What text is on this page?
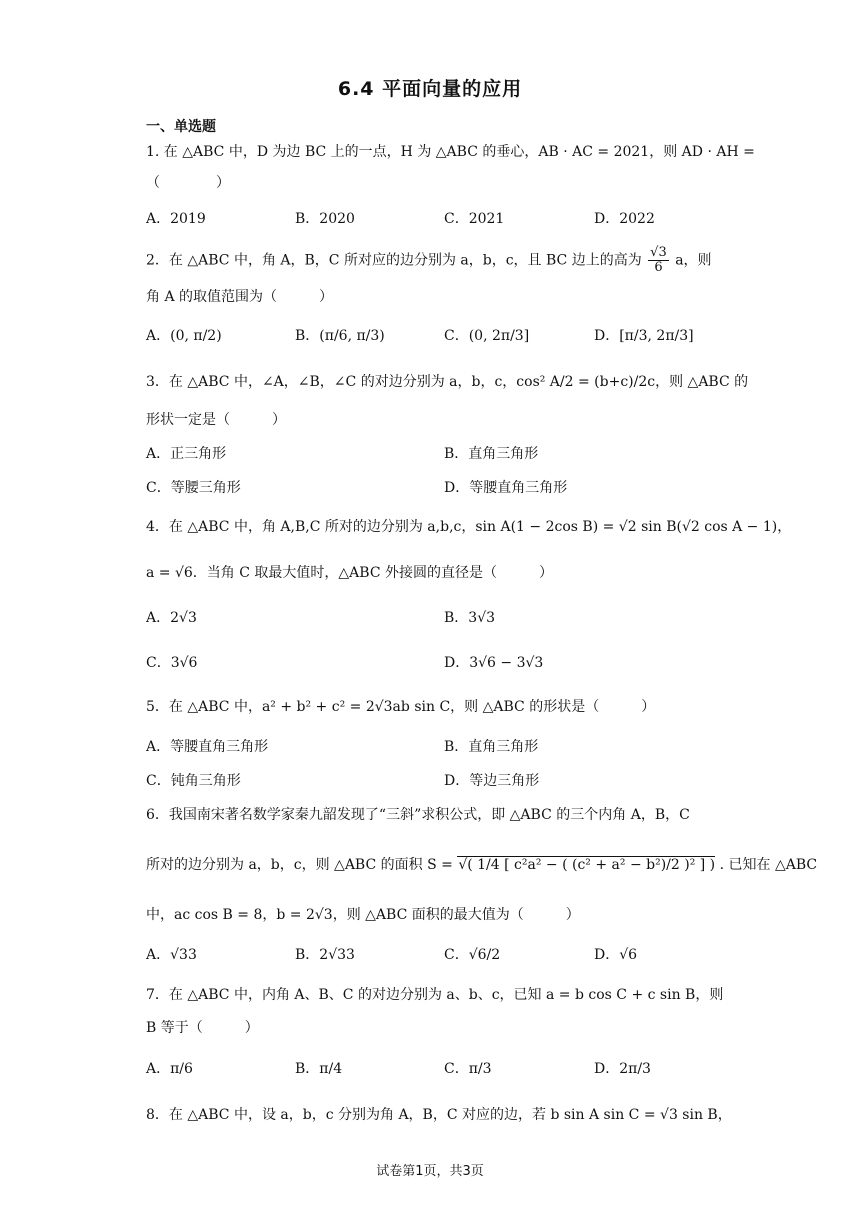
6.4 平面向量的应用
一、单选题
1. 在 △ABC 中，D 为边 BC 上的一点，H 为 △ABC 的垂心，AB · AC = 2021，则 AD · AH =
（　　　　）
A．2019	B．2020	C．2021	D．2022
2．在 △ABC 中，角 A，B，C 所对应的边分别为 a，b，c，且 BC 边上的高为 $\frac{√3}{6}$ a，则
角 A 的取值范围为（　　　）
A．(0, π/2)	B．(π/6, π/3)	C．(0, 2π/3]	D．[π/3, 2π/3]
3．在 △ABC 中，∠A，∠B，∠C 的对边分别为 a，b，c，cos² A/2 = (b+c)/2c，则 △ABC 的
形状一定是（　　　）
A．正三角形	B．直角三角形
C．等腰三角形	D．等腰直角三角形
4．在 △ABC 中，角 A,B,C 所对的边分别为 a,b,c，sin A(1 − 2cos B) = √2 sin B(√2 cos A − 1)，
a = √6．当角 C 取最大值时，△ABC 外接圆的直径是（　　　）
A．2√3	B．3√3
C．3√6	D．3√6 − 3√3
5．在 △ABC 中，a² + b² + c² = 2√3ab sin C，则 △ABC 的形状是（　　　）
A．等腰直角三角形	B．直角三角形
C．钝角三角形	D．等边三角形
6．我国南宋著名数学家秦九韶发现了“三斜”求积公式，即 △ABC 的三个内角 A，B，C
所对的边分别为 a，b，c，则 △ABC 的面积 S = √( 1/4 [ c²a² − ( (c² + a² − b²)/2 )² ] ) . 已知在 △ABC
中，ac cos B = 8，b = 2√3，则 △ABC 面积的最大值为（　　　）
A．√33	B．2√33	C．√6/2	D．√6
7．在 △ABC 中，内角 A、B、C 的对边分别为 a、b、c，已知 a = b cos C + c sin B，则
B 等于（　　　）
A．π/6	B．π/4	C．π/3	D．2π/3
8．在 △ABC 中，设 a，b，c 分别为角 A，B，C 对应的边，若 b sin A sin C = √3 sin B，
试卷第1页，共3页
